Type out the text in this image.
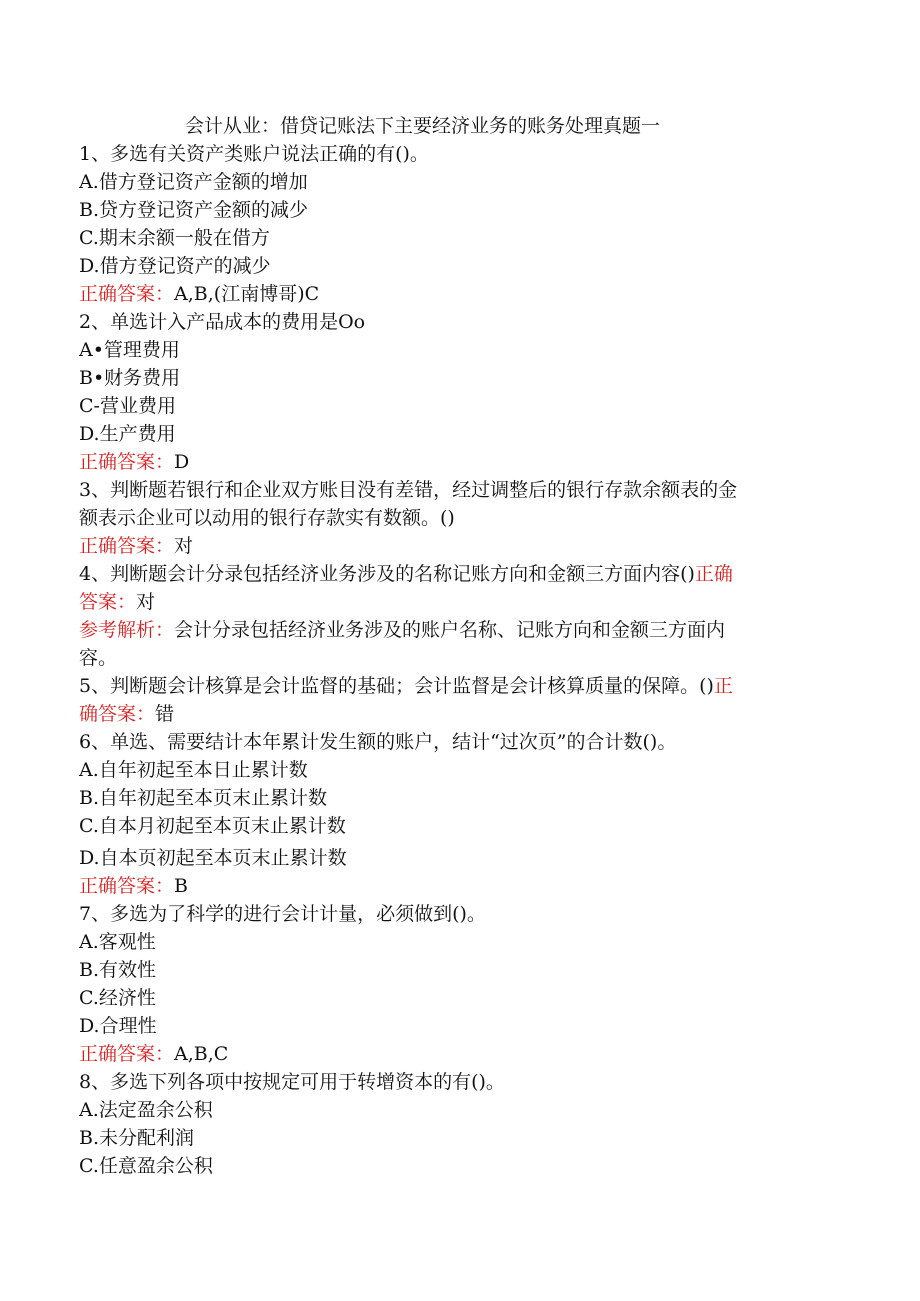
会计从业：借贷记账法下主要经济业务的账务处理真题一
1、多选有关资产类账户说法正确的有()。
A.借方登记资产金额的增加
B.贷方登记资产金额的减少
C.期末余额一般在借方
D.借方登记资产的减少
正确答案：A,B,(江南博哥)C
2、单选计入产品成本的费用是Oo
A•管理费用
B•财务费用
C-营业费用
D.生产费用
正确答案：D
3、判断题若银行和企业双方账目没有差错，经过调整后的银行存款余额表的金
额表示企业可以动用的银行存款实有数额。()
正确答案：对
4、判断题会计分录包括经济业务涉及的名称记账方向和金额三方面内容()正确
答案：对
参考解析：会计分录包括经济业务涉及的账户名称、记账方向和金额三方面内
容。
5、判断题会计核算是会计监督的基础；会计监督是会计核算质量的保障。()正
确答案：错
6、单选、需要结计本年累计发生额的账户，结计“过次页”的合计数()。
A.自年初起至本日止累计数
B.自年初起至本页末止累计数
C.自本月初起至本页末止累计数
D.自本页初起至本页末止累计数
正确答案：B
7、多选为了科学的进行会计计量，必须做到()。
A.客观性
B.有效性
C.经济性
D.合理性
正确答案：A,B,C
8、多选下列各项中按规定可用于转增资本的有()。
A.法定盈余公积
B.未分配利润
C.任意盈余公积
